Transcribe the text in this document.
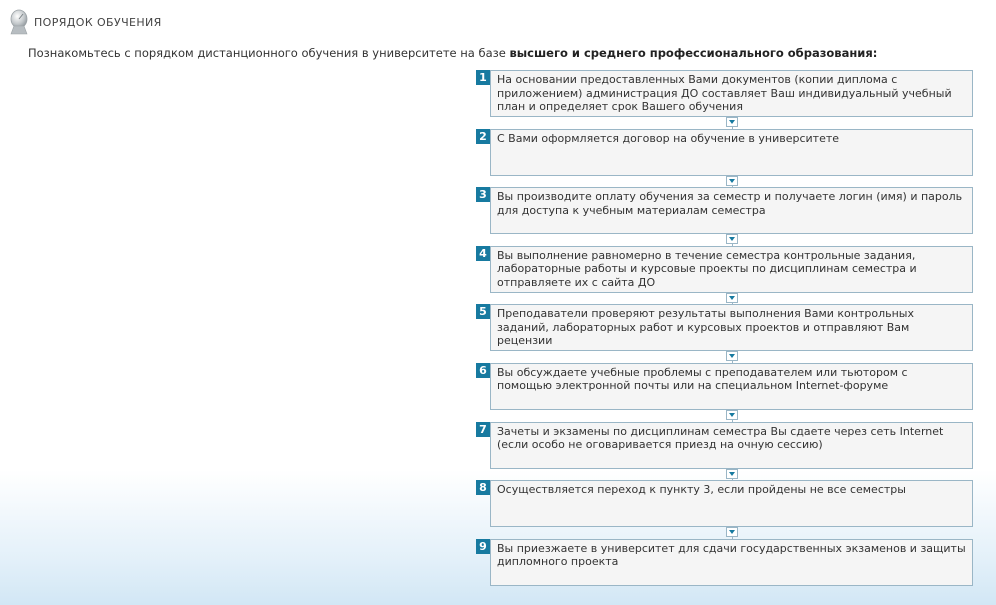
ПОРЯДОК ОБУЧЕНИЯ
Познакомьтесь с порядком дистанционного обучения в университете на базе высшего и среднего профессионального образования:
1 На основании предоставленных Вами документов (копии диплома с приложением) администрация ДО составляет Ваш индивидуальный учебный план и определяет срок Вашего обучения
2 С Вами оформляется договор на обучение в университете
3 Вы производите оплату обучения за семестр и получаете логин (имя) и пароль для доступа к учебным материалам семестра
4 Вы выполнение равномерно в течение семестра контрольные задания, лабораторные работы и курсовые проекты по дисциплинам семестра и отправляете их с сайта ДО
5 Преподаватели проверяют результаты выполнения Вами контрольных заданий, лабораторных работ и курсовых проектов и отправляют Вам рецензии
6 Вы обсуждаете учебные проблемы с преподавателем или тьютором с помощью электронной почты или на специальном Internet-форуме
7 Зачеты и экзамены по дисциплинам семестра Вы сдаете через сеть Internet (если особо не оговаривается приезд на очную сессию)
8 Осуществляется переход к пункту 3, если пройдены не все семестры
9 Вы приезжаете в университет для сдачи государственных экзаменов и защиты дипломного проекта
